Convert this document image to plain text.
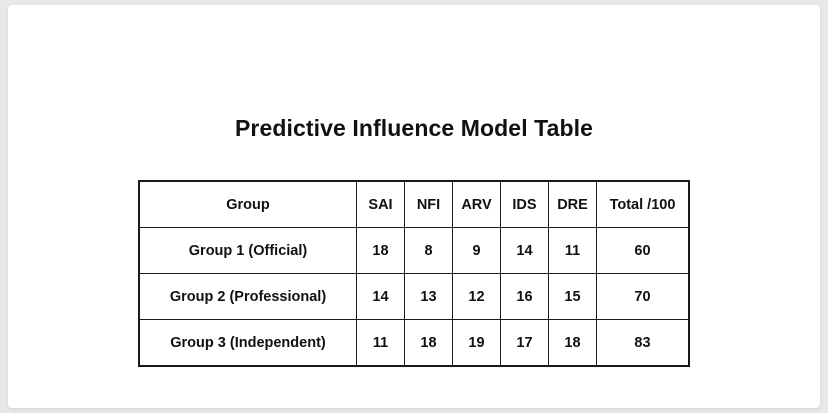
Predictive Influence Model Table
Group	SAI	NFI	ARV	IDS	DRE	Total /100
Group 1 (Official)	18	8	9	14	11	60
Group 2 (Professional)	14	13	12	16	15	70
Group 3 (Independent)	11	18	19	17	18	83
